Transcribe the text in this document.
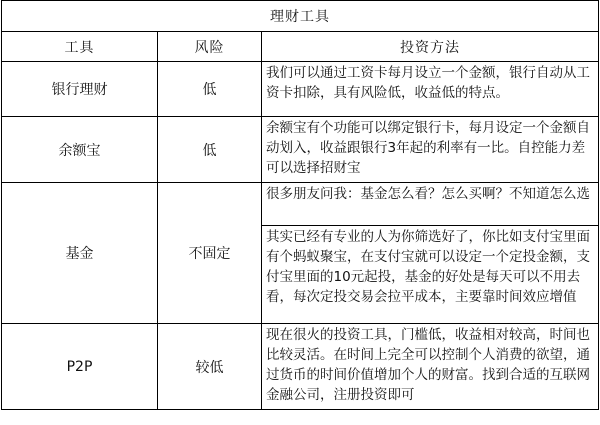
理财工具		
工具	风险	投资方法
银行理财	低	我们可以通过工资卡每月设立一个金额，银行自动从工资卡扣除，具有风险低，收益低的特点。
余额宝	低	余额宝有个功能可以绑定银行卡，每月设定一个金额自动划入，收益跟银行3年起的利率有一比。自控能力差可以选择招财宝
基金	不固定	很多朋友问我：基金怎么看？怎么买啊？不知道怎么选
		其实已经有专业的人为你筛选好了，你比如支付宝里面有个蚂蚁聚宝，在支付宝就可以设定一个定投金额，支付宝里面的10元起投，基金的好处是每天可以不用去看，每次定投交易会拉平成本，主要靠时间效应增值
P2P	较低	现在很火的投资工具，门槛低，收益相对较高，时间也比较灵活。在时间上完全可以控制个人消费的欲望，通过货币的时间价值增加个人的财富。找到合适的互联网金融公司，注册投资即可
